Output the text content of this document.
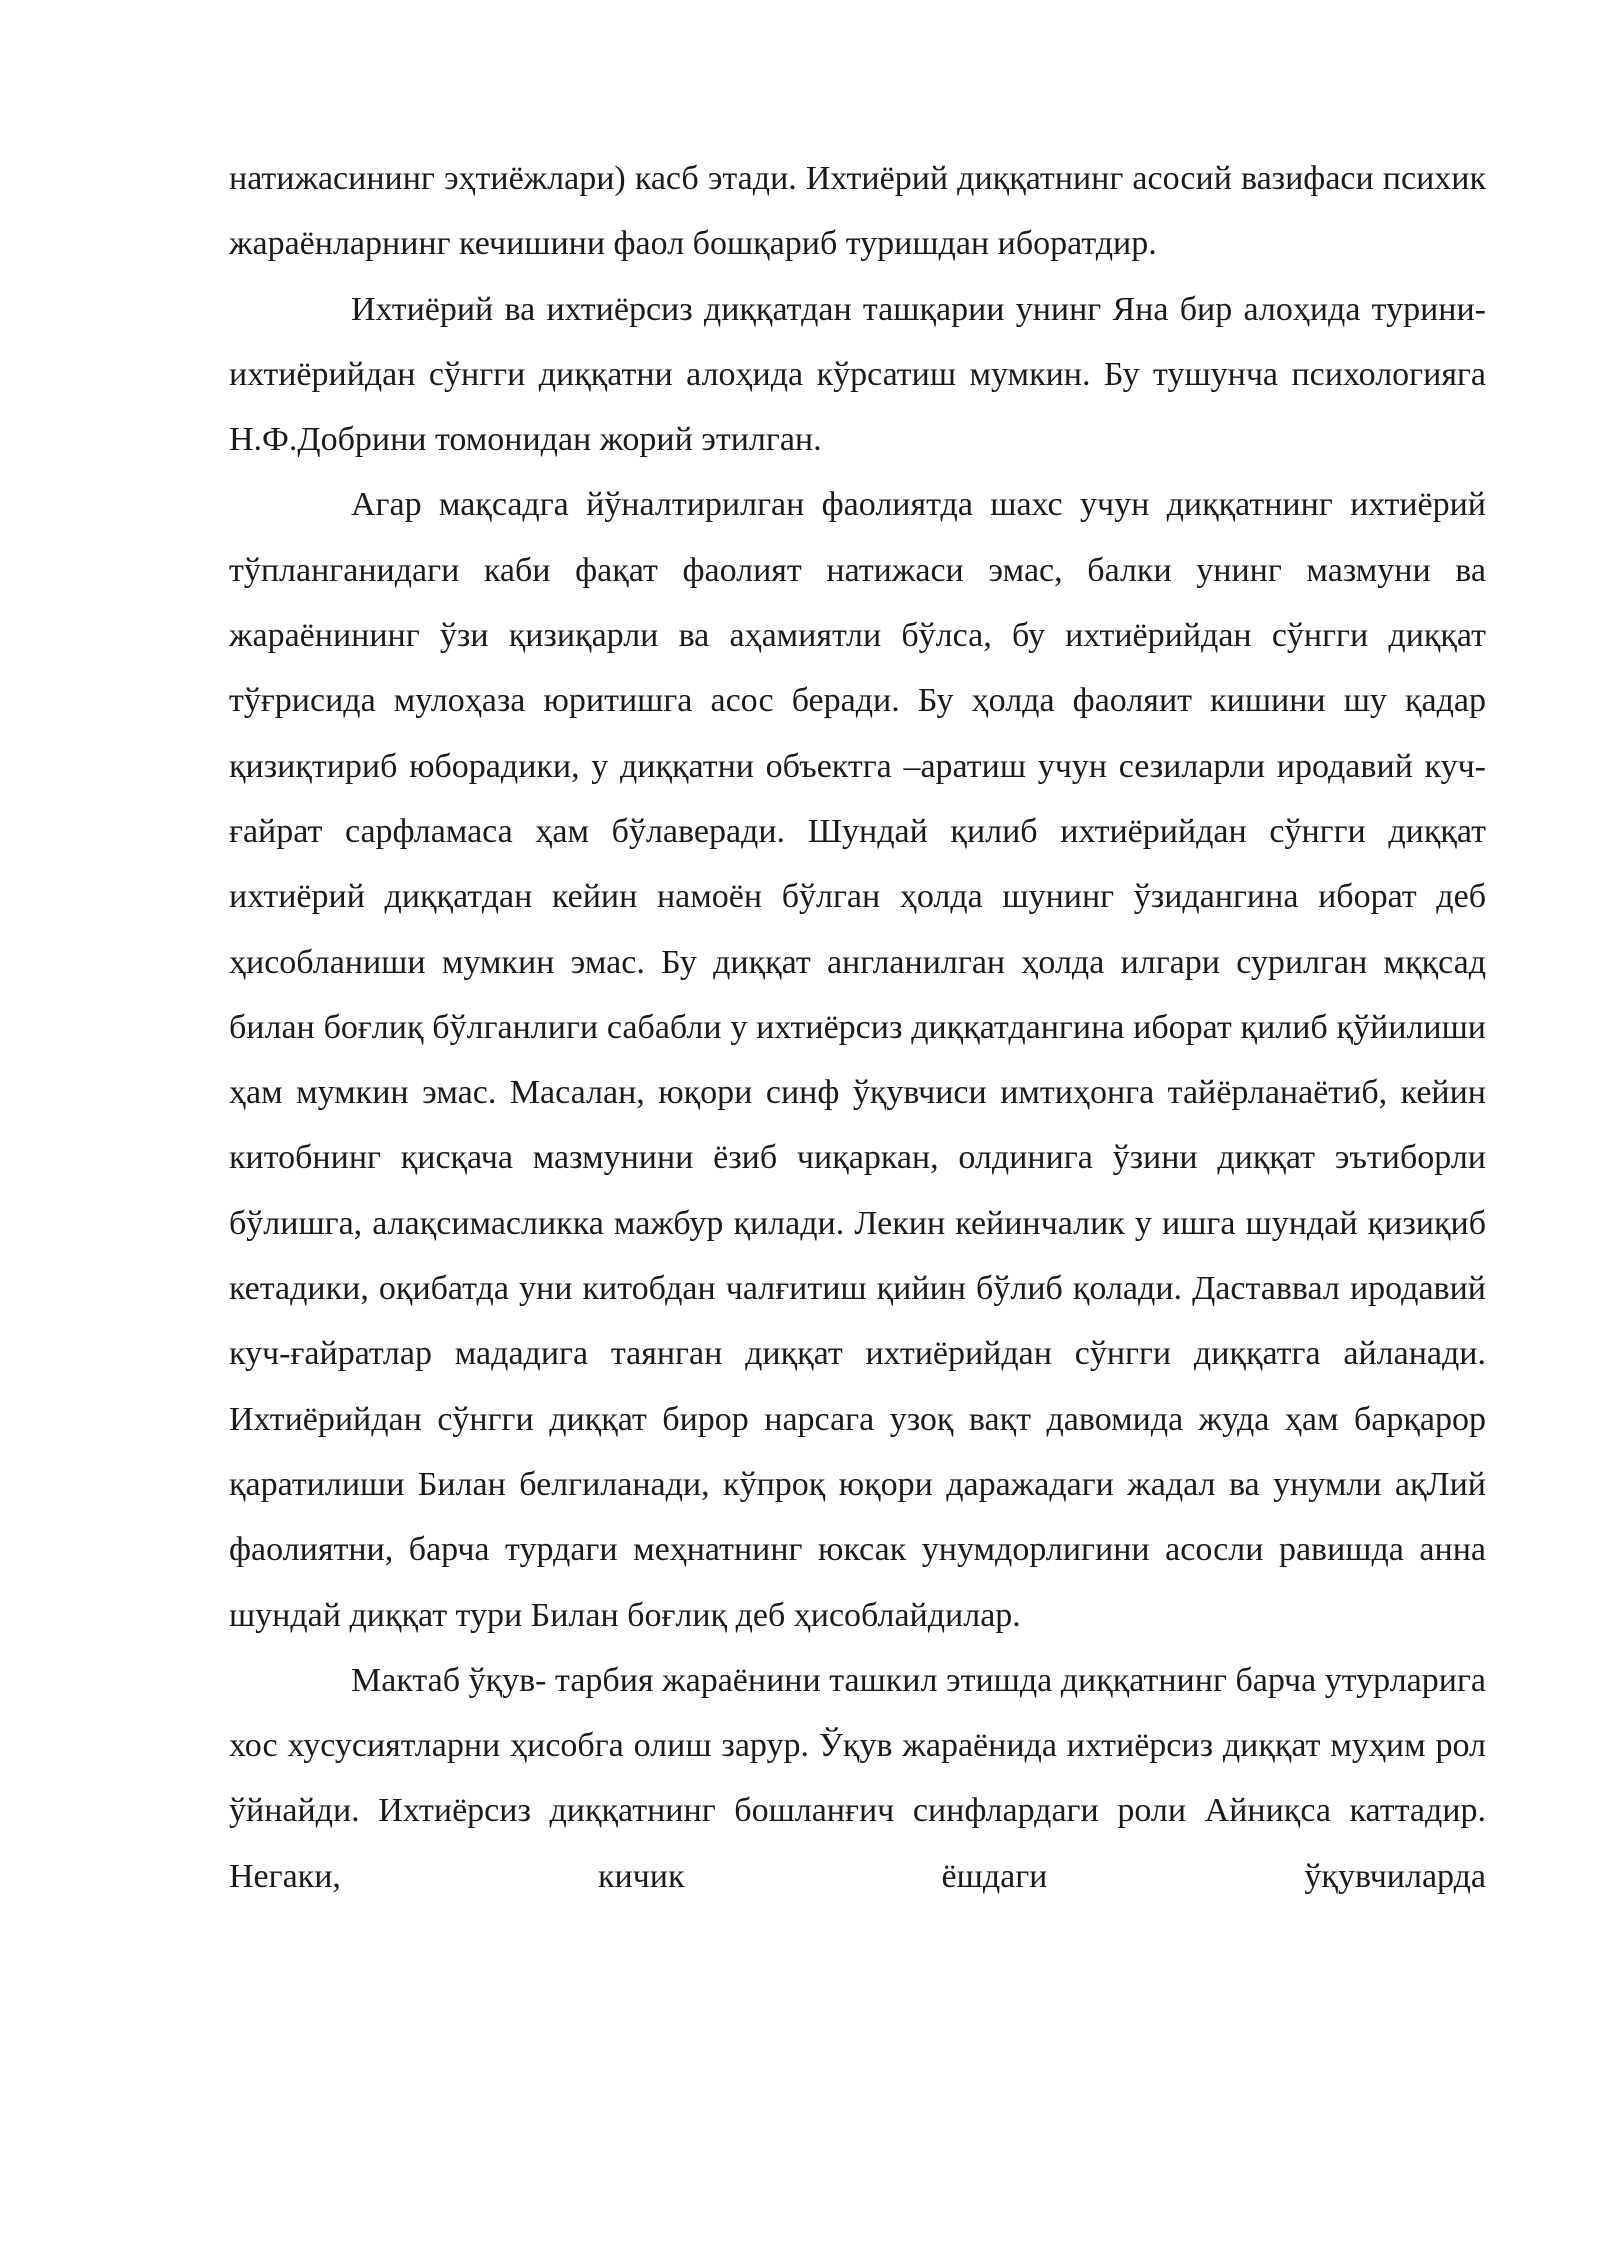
натижасининг эҳтиёжлари) касб этади. Ихтиёрий диққатнинг асосий вазифаси психик жараёнларнинг кечишини фаол бошқариб туришдан иборатдир.

Ихтиёрий ва ихтиёрсиз диққатдан ташқарии унинг Яна бир алоҳида турини- ихтиёрийдан сўнгги диққатни алоҳида кўрсатиш мумкин. Бу тушунча психологияга Н.Ф.Добрини томонидан жорий этилган.

Агар мақсадга йўналтирилган фаолиятда шахс учун диққатнинг ихтиёрий тўпланганидаги каби фақат фаолият натижаси эмас, балки унинг мазмуни ва жараёнининг ўзи қизиқарли ва аҳамиятли бўлса, бу ихтиёрийдан сўнгги диққат тўғрисида мулоҳаза юритишга асос беради. Бу ҳолда фаоляит кишини шу қадар қизиқтириб юборадики, у диққатни объектга –аратиш учун сезиларли иродавий куч-ғайрат сарфламаса ҳам бўлаверади. Шундай қилиб ихтиёрийдан сўнгги диққат ихтиёрий диққатдан кейин намоён бўлган ҳолда шунинг ўзидангина иборат деб ҳисобланиши мумкин эмас. Бу диққат англанилган ҳолда илгари сурилган мққсад билан боғлиқ бўлганлиги сабабли у ихтиёрсиз диққатдангина иборат қилиб қўйилиши ҳам мумкин эмас. Масалан, юқори синф ўқувчиси имтиҳонга тайёрланаётиб, кейин китобнинг қисқача мазмунини ёзиб чиқаркан, олдинига ўзини диққат эътиборли бўлишга, алақсимасликка мажбур қилади. Лекин кейинчалик у ишга шундай қизиқиб кетадики, оқибатда уни китобдан чалғитиш қийин бўлиб қолади. Даставвал иродавий куч-ғайратлар мададига таянган диққат ихтиёрийдан сўнгги диққатга айланади. Ихтиёрийдан сўнгги диққат бирор нарсага узоқ вақт давомида жуда ҳам барқарор қаратилиши Билан белгиланади, кўпроқ юқори даражадаги жадал ва унумли ақЛий фаолиятни, барча турдаги меҳнатнинг юксак унумдорлигини асосли равишда анна шундай диққат тури Билан боғлиқ деб ҳисоблайдилар.

Мактаб ўқув- тарбия жараёнини ташкил этишда диққатнинг барча утурларига хос хусусиятларни ҳисобга олиш зарур. Ўқув жараёнида ихтиёрсиз диққат муҳим рол ўйнайди. Ихтиёрсиз диққатнинг бошланғич синфлардаги роли Айниқса каттадир. Негаки, кичик ёшдаги ўқувчиларда
